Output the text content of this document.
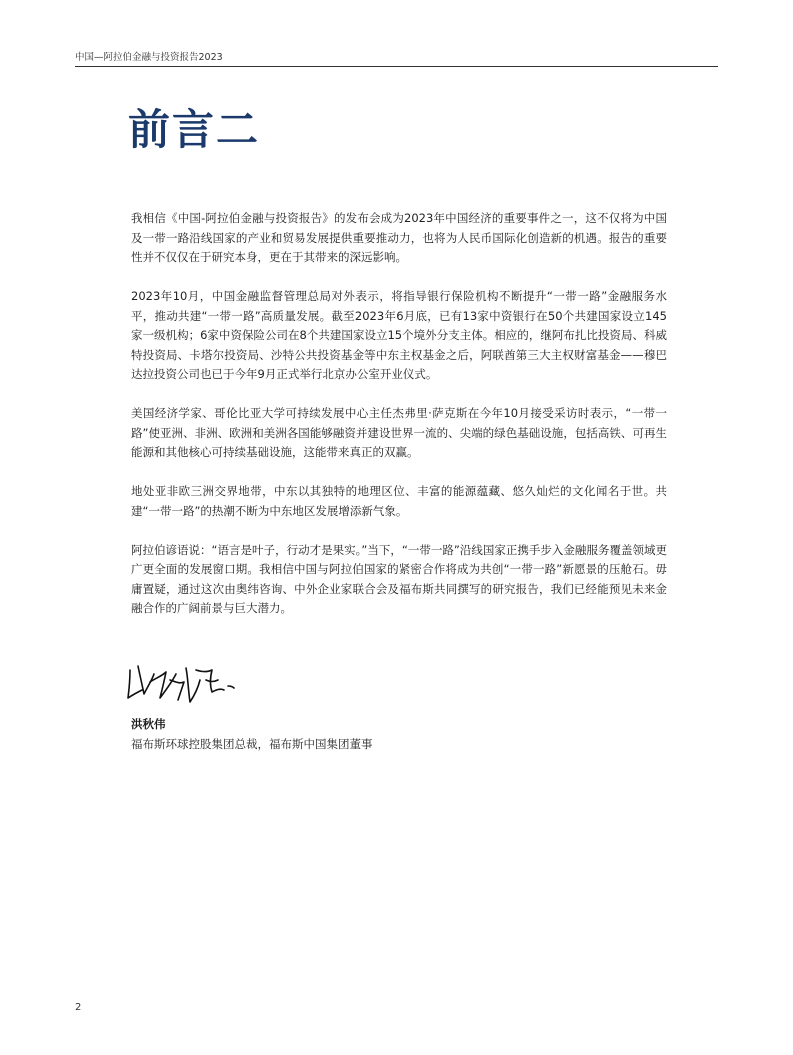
中国—阿拉伯金融与投资报告2023
前言二

我相信《中国-阿拉伯金融与投资报告》的发布会成为2023年中国经济的重要事件之一，这不仅将为中国及一带一路沿线国家的产业和贸易发展提供重要推动力，也将为人民币国际化创造新的机遇。报告的重要性并不仅仅在于研究本身，更在于其带来的深远影响。

2023年10月，中国金融监督管理总局对外表示，将指导银行保险机构不断提升“一带一路”金融服务水平，推动共建“一带一路”高质量发展。截至2023年6月底，已有13家中资银行在50个共建国家设立145家一级机构；6家中资保险公司在8个共建国家设立15个境外分支主体。相应的，继阿布扎比投资局、科威特投资局、卡塔尔投资局、沙特公共投资基金等中东主权基金之后，阿联酋第三大主权财富基金——穆巴达拉投资公司也已于今年9月正式举行北京办公室开业仪式。

美国经济学家、哥伦比亚大学可持续发展中心主任杰弗里·萨克斯在今年10月接受采访时表示，“一带一路”使亚洲、非洲、欧洲和美洲各国能够融资并建设世界一流的、尖端的绿色基础设施，包括高铁、可再生能源和其他核心可持续基础设施，这能带来真正的双赢。

地处亚非欧三洲交界地带，中东以其独特的地理区位、丰富的能源蕴藏、悠久灿烂的文化闻名于世。共建“一带一路”的热潮不断为中东地区发展增添新气象。

阿拉伯谚语说：“语言是叶子，行动才是果实。”当下，“一带一路”沿线国家正携手步入金融服务覆盖领域更广更全面的发展窗口期。我相信中国与阿拉伯国家的紧密合作将成为共创“一带一路”新愿景的压舱石。毋庸置疑，通过这次由奥纬咨询、中外企业家联合会及福布斯共同撰写的研究报告，我们已经能预见未来金融合作的广阔前景与巨大潜力。

洪秋伟
福布斯环球控股集团总裁，福布斯中国集团董事
2
